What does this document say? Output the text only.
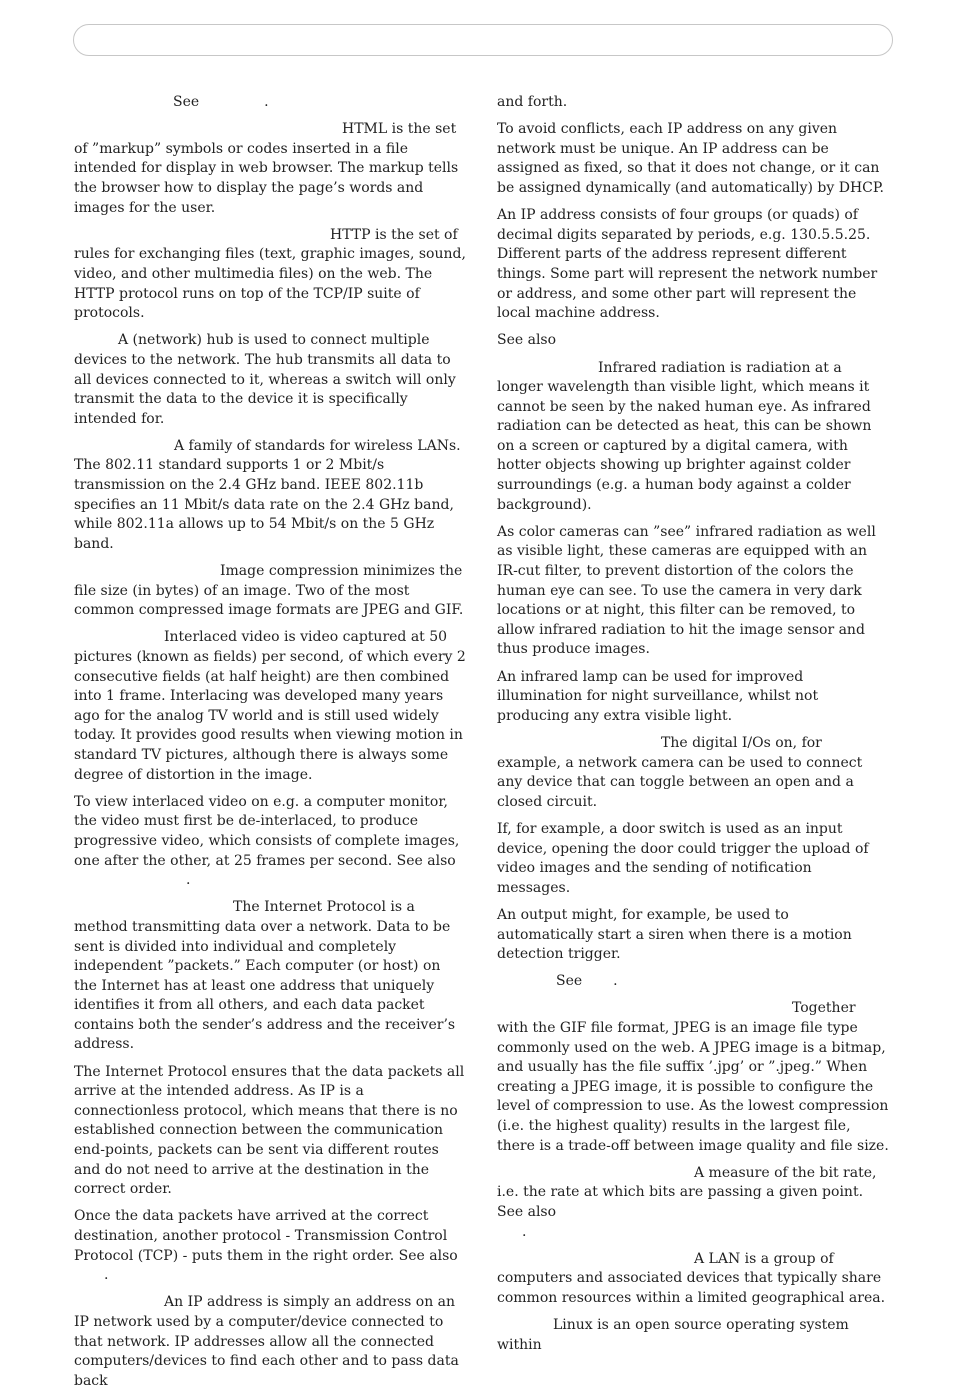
See	.

HTML is the set of ”markup” symbols or codes inserted in a file intended for display in web browser. The markup tells the browser how to display the page’s words and images for the user.

HTTP is the set of rules for exchanging files (text, graphic images, sound, video, and other multimedia files) on the web. The HTTP protocol runs on top of the TCP/IP suite of protocols.

A (network) hub is used to connect multiple devices to the network. The hub transmits all data to all devices connected to it, whereas a switch will only transmit the data to the device it is specifically intended for.

A family of standards for wireless LANs. The 802.11 standard supports 1 or 2 Mbit/s transmission on the 2.4 GHz band. IEEE 802.11b specifies an 11 Mbit/s data rate on the 2.4 GHz band, while 802.11a allows up to 54 Mbit/s on the 5 GHz band.

Image compression minimizes the file size (in bytes) of an image. Two of the most common compressed image formats are JPEG and GIF.

Interlaced video is video captured at 50 pictures (known as fields) per second, of which every 2 consecutive fields (at half height) are then combined into 1 frame. Interlacing was developed many years ago for the analog TV world and is still used widely today. It provides good results when viewing motion in standard TV pictures, although there is always some degree of distortion in the image.

To view interlaced video on e.g. a computer monitor, the video must first be de-interlaced, to produce progressive video, which consists of complete images, one after the other, at 25 frames per second. See also.

The Internet Protocol is a method transmitting data over a network. Data to be sent is divided into individual and completely independent ”packets.” Each computer (or host) on the Internet has at least one address that uniquely identifies it from all others, and each data packet contains both the sender’s address and the receiver’s address.

The Internet Protocol ensures that the data packets all arrive at the intended address. As IP is a connectionless protocol, which means that there is no established connection between the communication end-points, packets can be sent via different routes and do not need to arrive at the destination in the correct order.

Once the data packets have arrived at the correct destination, another protocol - Transmission Control Protocol (TCP) - puts them in the right order. See also.

An IP address is simply an address on an IP network used by a computer/device connected to that network. IP addresses allow all the connected computers/devices to find each other and to pass data back

and forth.

To avoid conflicts, each IP address on any given network must be unique. An IP address can be assigned as fixed, so that it does not change, or it can be assigned dynamically (and automatically) by DHCP.

An IP address consists of four groups (or quads) of decimal digits separated by periods, e.g. 130.5.5.25. Different parts of the address represent different things. Some part will represent the network number or address, and some other part will represent the local machine address.

See also

Infrared radiation is radiation at a longer wavelength than visible light, which means it cannot be seen by the naked human eye. As infrared radiation can be detected as heat, this can be shown on a screen or captured by a digital camera, with hotter objects showing up brighter against colder surroundings (e.g. a human body against a colder background).

As color cameras can ”see” infrared radiation as well as visible light, these cameras are equipped with an IR-cut filter, to prevent distortion of the colors the human eye can see. To use the camera in very dark locations or at night, this filter can be removed, to allow infrared radiation to hit the image sensor and thus produce images.

An infrared lamp can be used for improved illumination for night surveillance, whilst not producing any extra visible light.

The digital I/Os on, for example, a network camera can be used to connect any device that can toggle between an open and a closed circuit.

If, for example, a door switch is used as an input device, opening the door could trigger the upload of video images and the sending of notification messages.

An output might, for example, be used to automatically start a siren when there is a motion detection trigger.

See .

Together with the GIF file format, JPEG is an image file type commonly used on the web. A JPEG image is a bitmap, and usually has the file suffix ’.jpg’ or ”.jpeg.” When creating a JPEG image, it is possible to configure the level of compression to use. As the lowest compression (i.e. the highest quality) results in the largest file, there is a trade-off between image quality and file size.

A measure of the bit rate, i.e. the rate at which bits are passing a given point. See also
.

A LAN is a group of computers and associated devices that typically share common resources within a limited geographical area.

Linux is an open source operating system within
